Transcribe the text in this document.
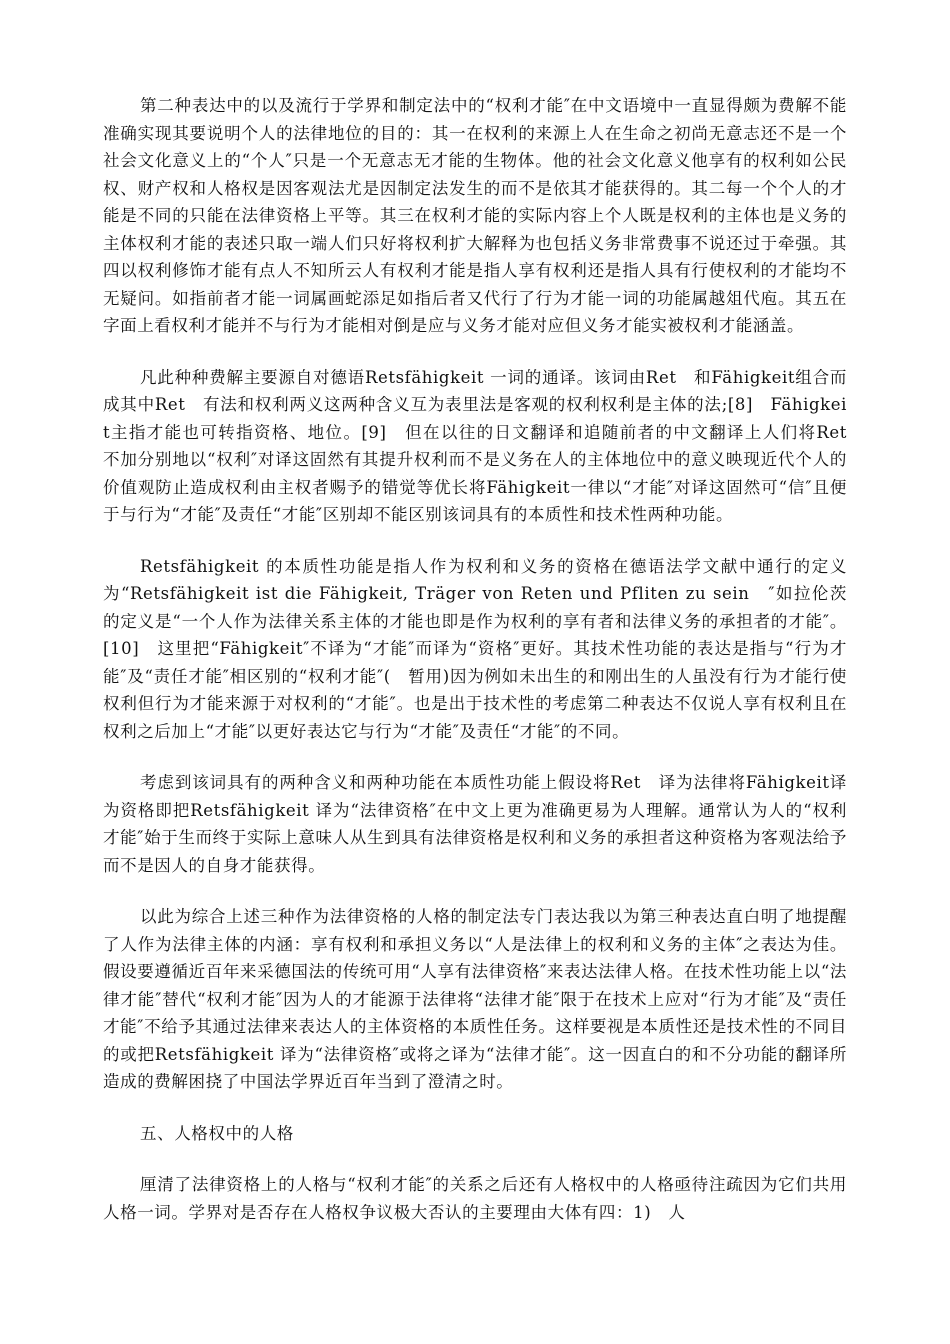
第二种表达中的以及流行于学界和制定法中的“权利才能″在中文语境中一直显得颇为费解不能准确实现其要说明个人的法律地位的目的：其一在权利的来源上人在生命之初尚无意志还不是一个社会文化意义上的“个人″只是一个无意志无才能的生物体。他的社会文化意义他享有的权利如公民权、财产权和人格权是因客观法尤是因制定法发生的而不是依其才能获得的。其二每一个个人的才能是不同的只能在法律资格上平等。其三在权利才能的实际内容上个人既是权利的主体也是义务的主体权利才能的表述只取一端人们只好将权利扩大解释为也包括义务非常费事不说还过于牵强。其四以权利修饰才能有点人不知所云人有权利才能是指人享有权利还是指人具有行使权利的才能均不无疑问。如指前者才能一词属画蛇添足如指后者又代行了行为才能一词的功能属越俎代庖。其五在字面上看权利才能并不与行为才能相对倒是应与义务才能对应但义务才能实被权利才能涵盖。

凡此种种费解主要源自对德语Retsfähigkeit 一词的通译。该词由Ret　和Fähigkeit组合而成其中Ret　有法和权利两义这两种含义互为表里法是客观的权利权利是主体的法;[8]　Fähigkeit主指才能也可转指资格、地位。[9]　但在以往的日文翻译和追随前者的中文翻译上人们将Ret　不加分别地以“权利″对译这固然有其提升权利而不是义务在人的主体地位中的意义映现近代个人的价值观防止造成权利由主权者赐予的错觉等优长将Fähigkeit一律以“才能″对译这固然可“信″且便于与行为“才能″及责任“才能″区别却不能区别该词具有的本质性和技术性两种功能。

Retsfähigkeit 的本质性功能是指人作为权利和义务的资格在德语法学文献中通行的定义为“Retsfähigkeit ist die Fähigkeit, Träger von Reten und Pfliten zu sein　″如拉伦茨的定义是“一个人作为法律关系主体的才能也即是作为权利的享有者和法律义务的承担者的才能″。[10]　这里把“Fähigkeit″不译为“才能″而译为“资格″更好。其技术性功能的表达是指与“行为才能″及“责任才能″相区别的“权利才能″(　暂用)因为例如未出生的和刚出生的人虽没有行为才能行使权利但行为才能来源于对权利的“才能″。也是出于技术性的考虑第二种表达不仅说人享有权利且在权利之后加上“才能″以更好表达它与行为“才能″及责任“才能″的不同。

考虑到该词具有的两种含义和两种功能在本质性功能上假设将Ret　译为法律将Fähigkeit译为资格即把Retsfähigkeit 译为“法律资格″在中文上更为准确更易为人理解。通常认为人的“权利才能″始于生而终于实际上意味人从生到具有法律资格是权利和义务的承担者这种资格为客观法给予而不是因人的自身才能获得。

以此为综合上述三种作为法律资格的人格的制定法专门表达我以为第三种表达直白明了地提醒了人作为法律主体的内涵：享有权利和承担义务以“人是法律上的权利和义务的主体″之表达为佳。假设要遵循近百年来采德国法的传统可用“人享有法律资格″来表达法律人格。在技术性功能上以“法律才能″替代“权利才能″因为人的才能源于法律将“法律才能″限于在技术上应对“行为才能″及“责任才能″不给予其通过法律来表达人的主体资格的本质性任务。这样要视是本质性还是技术性的不同目的或把Retsfähigkeit 译为“法律资格″或将之译为“法律才能″。这一因直白的和不分功能的翻译所造成的费解困挠了中国法学界近百年当到了澄清之时。

五、人格权中的人格

厘清了法律资格上的人格与“权利才能″的关系之后还有人格权中的人格亟待注疏因为它们共用人格一词。学界对是否存在人格权争议极大否认的主要理由大体有四：1)　人
